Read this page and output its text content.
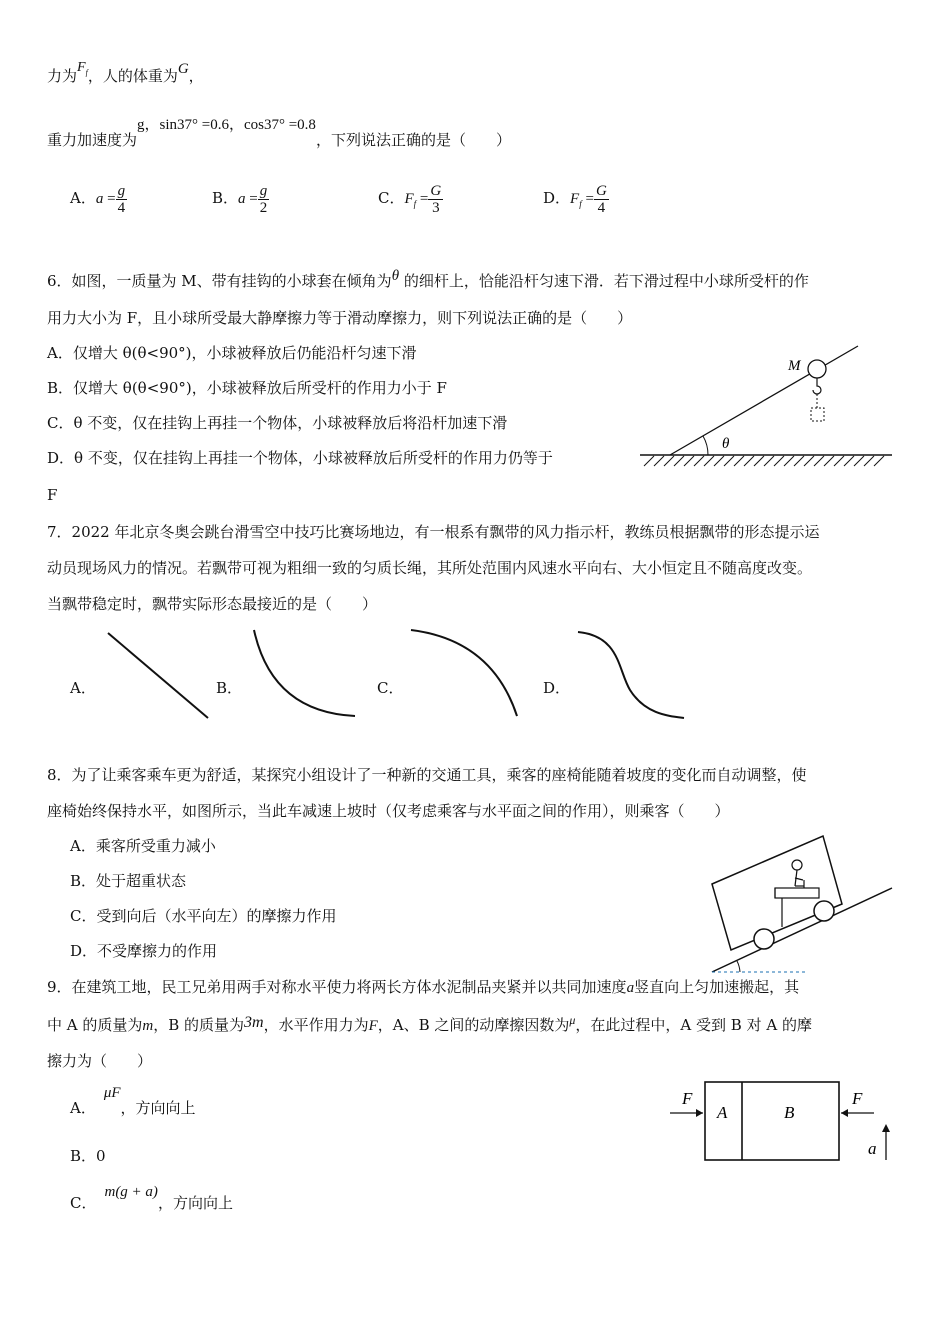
力为$F_f$，人的体重为G，
重力加速度为g，sin37° =0.6，cos37° =0.8，下列说法正确的是（　　）
A．$a = \frac{g}{4}$	B．$a = \frac{g}{2}$	C．$F_f = \frac{G}{3}$	D．$F_f = \frac{G}{4}$
6．如图，一质量为 M、带有挂钩的小球套在倾角为θ 的细杆上，恰能沿杆匀速下滑．若下滑过程中小球所受杆的作
用力大小为 F，且小球所受最大静摩擦力等于滑动摩擦力，则下列说法正确的是（　　）
A．仅增大 θ(θ<90°)，小球被释放后仍能沿杆匀速下滑
B．仅增大 θ(θ<90°)，小球被释放后所受杆的作用力小于 F
C．θ 不变，仅在挂钩上再挂一个物体，小球被释放后将沿杆加速下滑
D．θ 不变，仅在挂钩上再挂一个物体，小球被释放后所受杆的作用力仍等于
F
θ
M
7．2022 年北京冬奥会跳台滑雪空中技巧比赛场地边，有一根系有飘带的风力指示杆，教练员根据飘带的形态提示运
动员现场风力的情况。若飘带可视为粗细一致的匀质长绳，其所处范围内风速水平向右、大小恒定且不随高度改变。
当飘带稳定时，飘带实际形态最接近的是（　　）
A．	B．	C．	D．
8．为了让乘客乘车更为舒适，某探究小组设计了一种新的交通工具，乘客的座椅能随着坡度的变化而自动调整，使
座椅始终保持水平，如图所示，当此车减速上坡时（仅考虑乘客与水平面之间的作用），则乘客（　　）
A．乘客所受重力减小
B．处于超重状态
C．受到向后（水平向左）的摩擦力作用
D．不受摩擦力的作用
9．在建筑工地，民工兄弟用两手对称水平使力将两长方体水泥制品夹紧并以共同加速度a竖直向上匀加速搬起，其
中 A 的质量为m，B 的质量为3m，水平作用力为F，A、B 之间的动摩擦因数为$^\mu$，在此过程中，A 受到 B 对 A 的摩
擦力为（　　）
A．μF，方向向上
B．0
C．m(g + a)，方向向上
A	B
F	F
a
